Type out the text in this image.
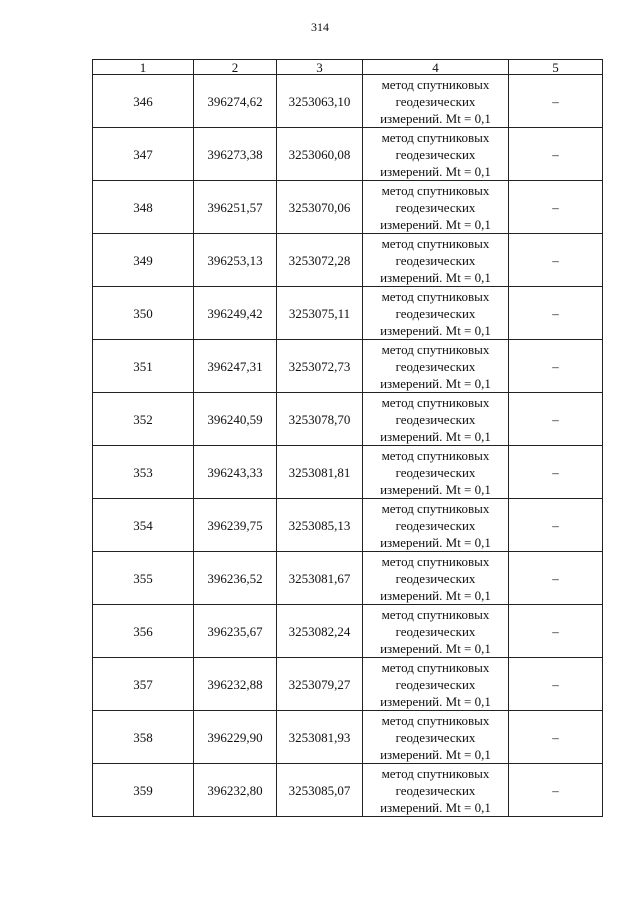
314
1	2	3	4	5
346	396274,62	3253063,10	метод спутниковых
геодезических
измерений. Mt = 0,1	–
347	396273,38	3253060,08	метод спутниковых
геодезических
измерений. Mt = 0,1	–
348	396251,57	3253070,06	метод спутниковых
геодезических
измерений. Mt = 0,1	–
349	396253,13	3253072,28	метод спутниковых
геодезических
измерений. Mt = 0,1	–
350	396249,42	3253075,11	метод спутниковых
геодезических
измерений. Mt = 0,1	–
351	396247,31	3253072,73	метод спутниковых
геодезических
измерений. Mt = 0,1	–
352	396240,59	3253078,70	метод спутниковых
геодезических
измерений. Mt = 0,1	–
353	396243,33	3253081,81	метод спутниковых
геодезических
измерений. Mt = 0,1	–
354	396239,75	3253085,13	метод спутниковых
геодезических
измерений. Mt = 0,1	–
355	396236,52	3253081,67	метод спутниковых
геодезических
измерений. Mt = 0,1	–
356	396235,67	3253082,24	метод спутниковых
геодезических
измерений. Mt = 0,1	–
357	396232,88	3253079,27	метод спутниковых
геодезических
измерений. Mt = 0,1	–
358	396229,90	3253081,93	метод спутниковых
геодезических
измерений. Mt = 0,1	–
359	396232,80	3253085,07	метод спутниковых
геодезических
измерений. Mt = 0,1	–
